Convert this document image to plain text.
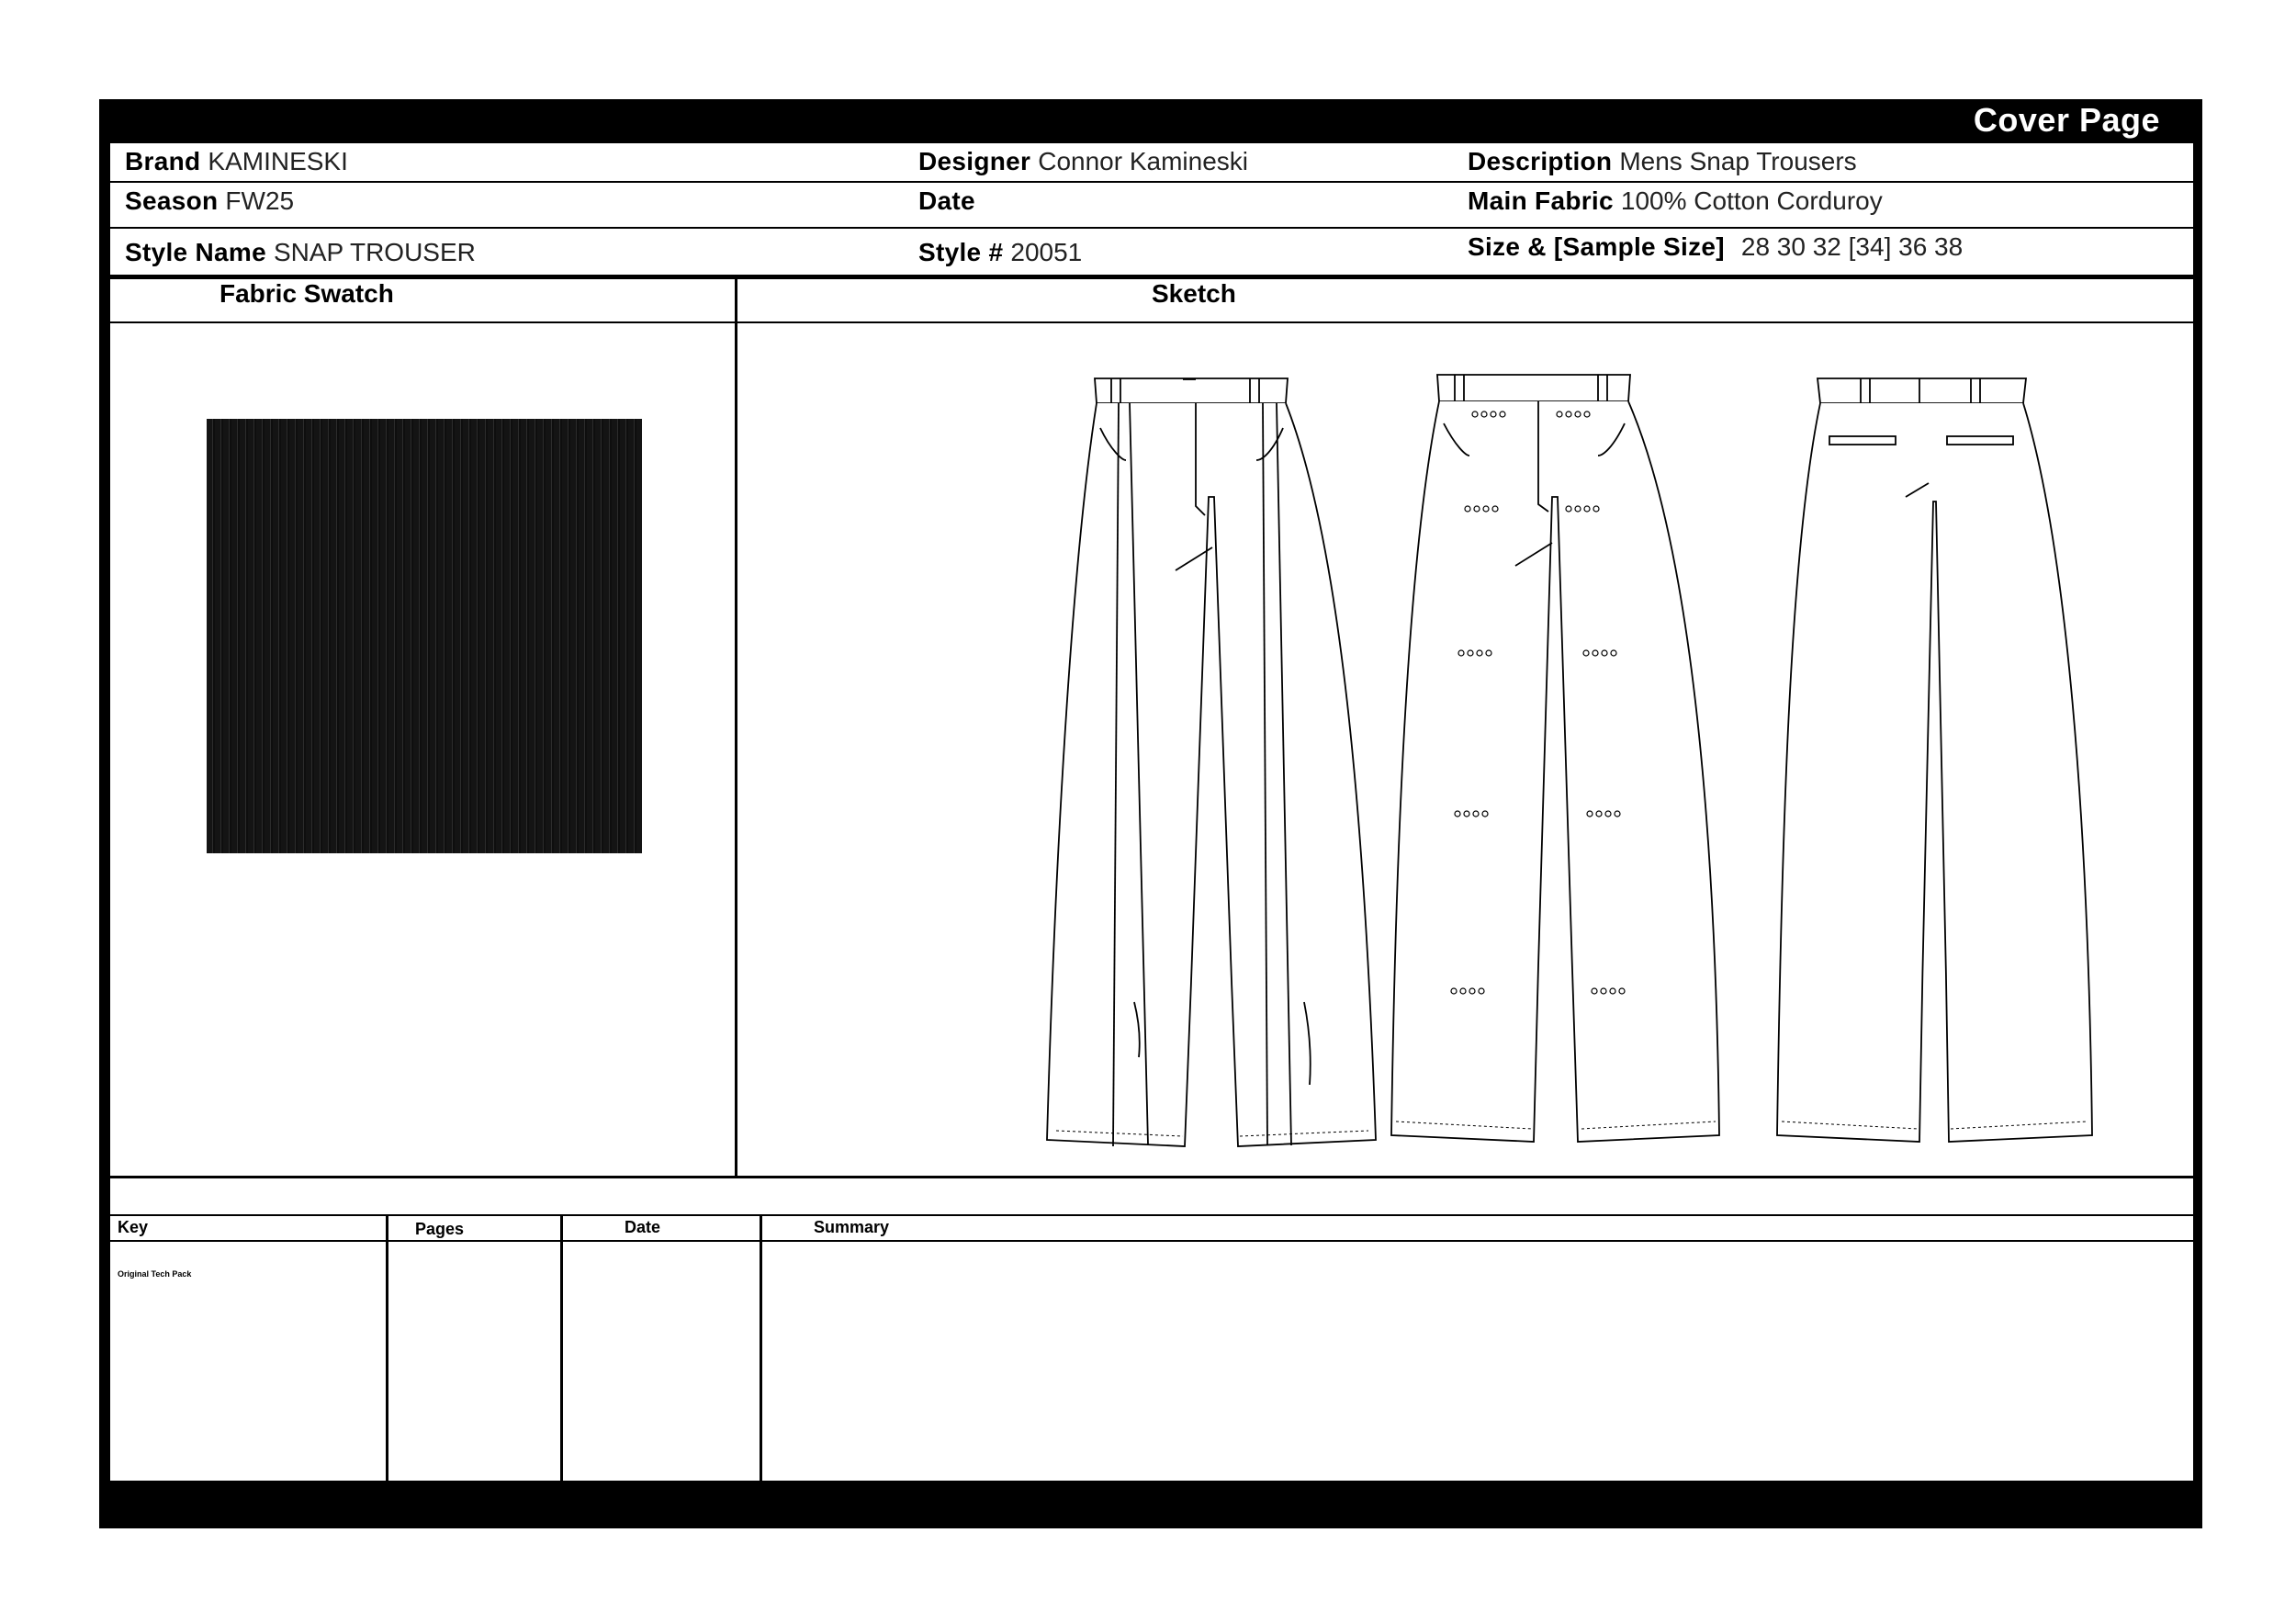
Cover Page
Brand KAMINESKI	Designer Connor Kamineski	Description Mens Snap Trousers
Season FW25	Date	Main Fabric 100% Cotton Corduroy
Style Name SNAP TROUSER	Style # 20051	Size & [Sample Size] 28 30 32 [34] 36 38
Fabric Swatch	Sketch
Key	Pages	Date	Summary
Original Tech Pack
